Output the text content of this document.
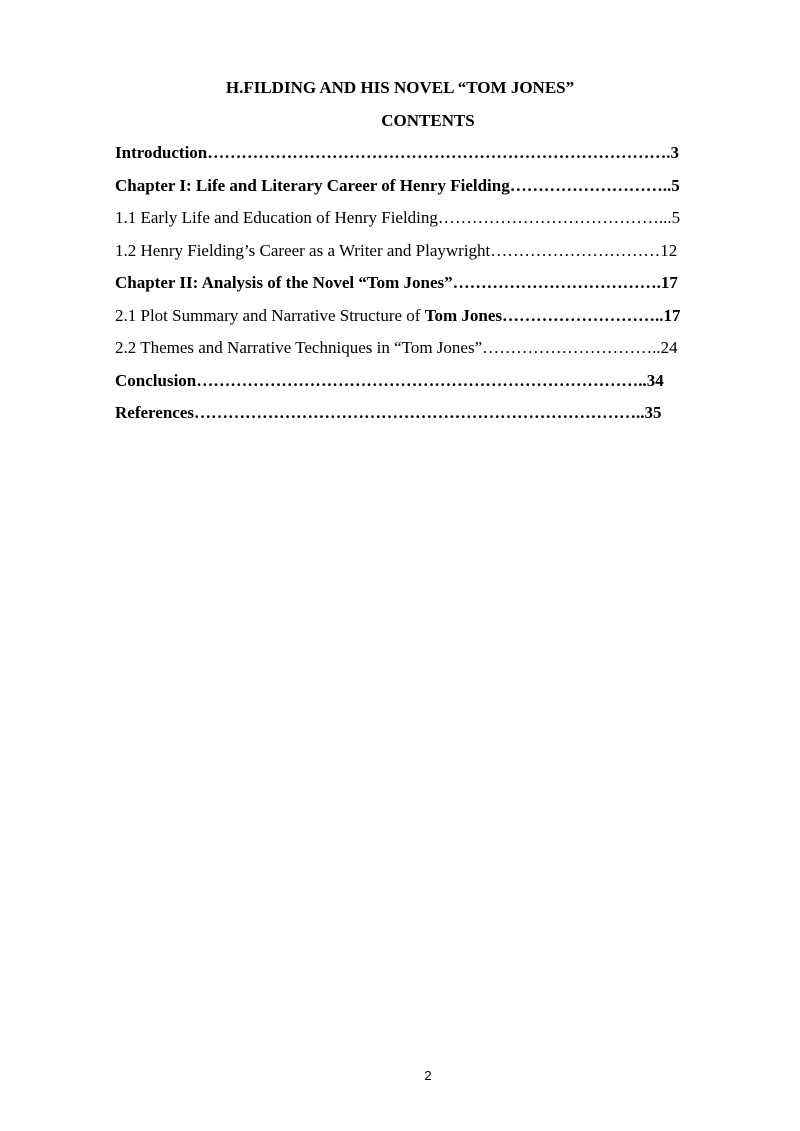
H.FILDING AND HIS NOVEL “TOM JONES”
CONTENTS
Introduction……………………………………………………………………….3
Chapter I: Life and Literary Career of Henry Fielding………………………..5
1.1 Early Life and Education of Henry Fielding…………………………………...5
1.2 Henry Fielding’s Career as a Writer and Playwright…………………………12
Chapter II: Analysis of the Novel “Tom Jones”……………………………….17
2.1 Plot Summary and Narrative Structure of Tom Jones………………………..17
2.2 Themes and Narrative Techniques in “Tom Jones”…………………………..24
Conclusion……………………………………………………………………..34
References……………………………………………………………………..35
2
